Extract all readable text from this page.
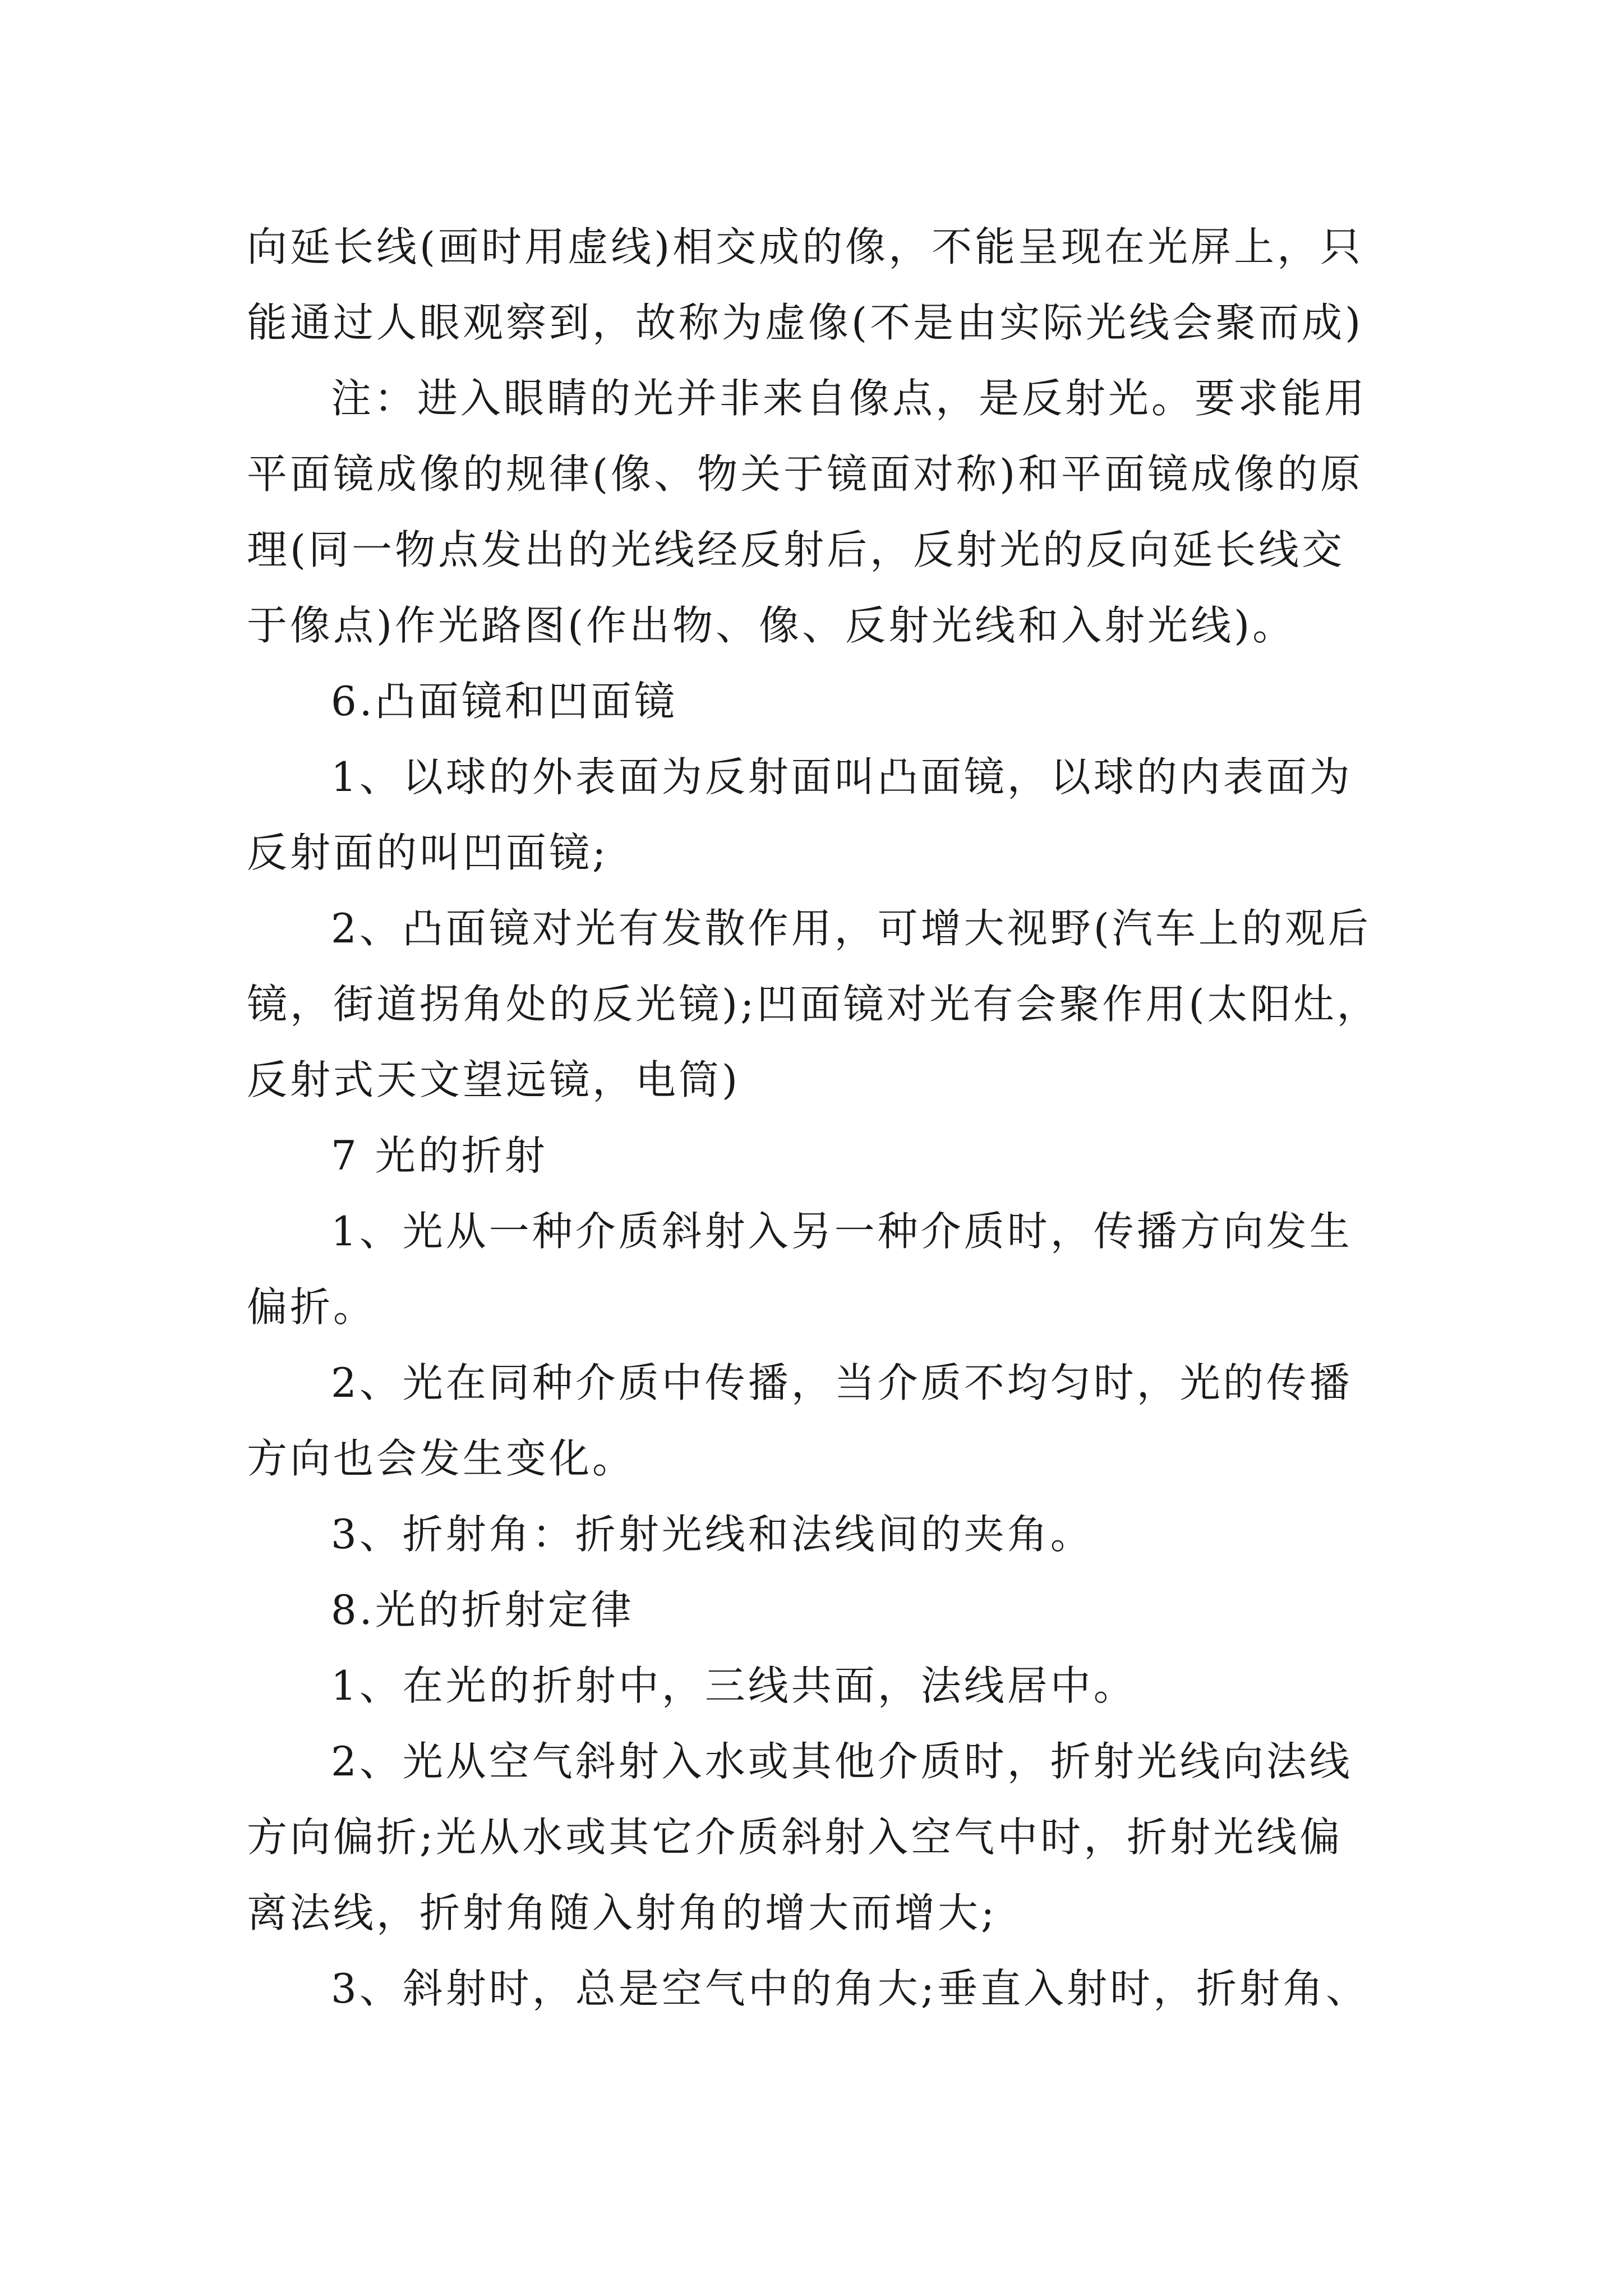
向延长线(画时用虚线)相交成的像，不能呈现在光屏上，只

能通过人眼观察到，故称为虚像(不是由实际光线会聚而成)

注：进入眼睛的光并非来自像点，是反射光。要求能用

平面镜成像的规律(像、物关于镜面对称)和平面镜成像的原

理(同一物点发出的光线经反射后，反射光的反向延长线交

于像点)作光路图(作出物、像、反射光线和入射光线)。

6.凸面镜和凹面镜

1、以球的外表面为反射面叫凸面镜，以球的内表面为

反射面的叫凹面镜;

2、凸面镜对光有发散作用，可增大视野(汽车上的观后

镜，街道拐角处的反光镜);凹面镜对光有会聚作用(太阳灶，

反射式天文望远镜，电筒)

7 光的折射

1、光从一种介质斜射入另一种介质时，传播方向发生

偏折。

2、光在同种介质中传播，当介质不均匀时，光的传播

方向也会发生变化。

3、折射角：折射光线和法线间的夹角。

8.光的折射定律

1、在光的折射中，三线共面，法线居中。

2、光从空气斜射入水或其他介质时，折射光线向法线

方向偏折;光从水或其它介质斜射入空气中时，折射光线偏

离法线，折射角随入射角的增大而增大;

3、斜射时，总是空气中的角大;垂直入射时，折射角、
